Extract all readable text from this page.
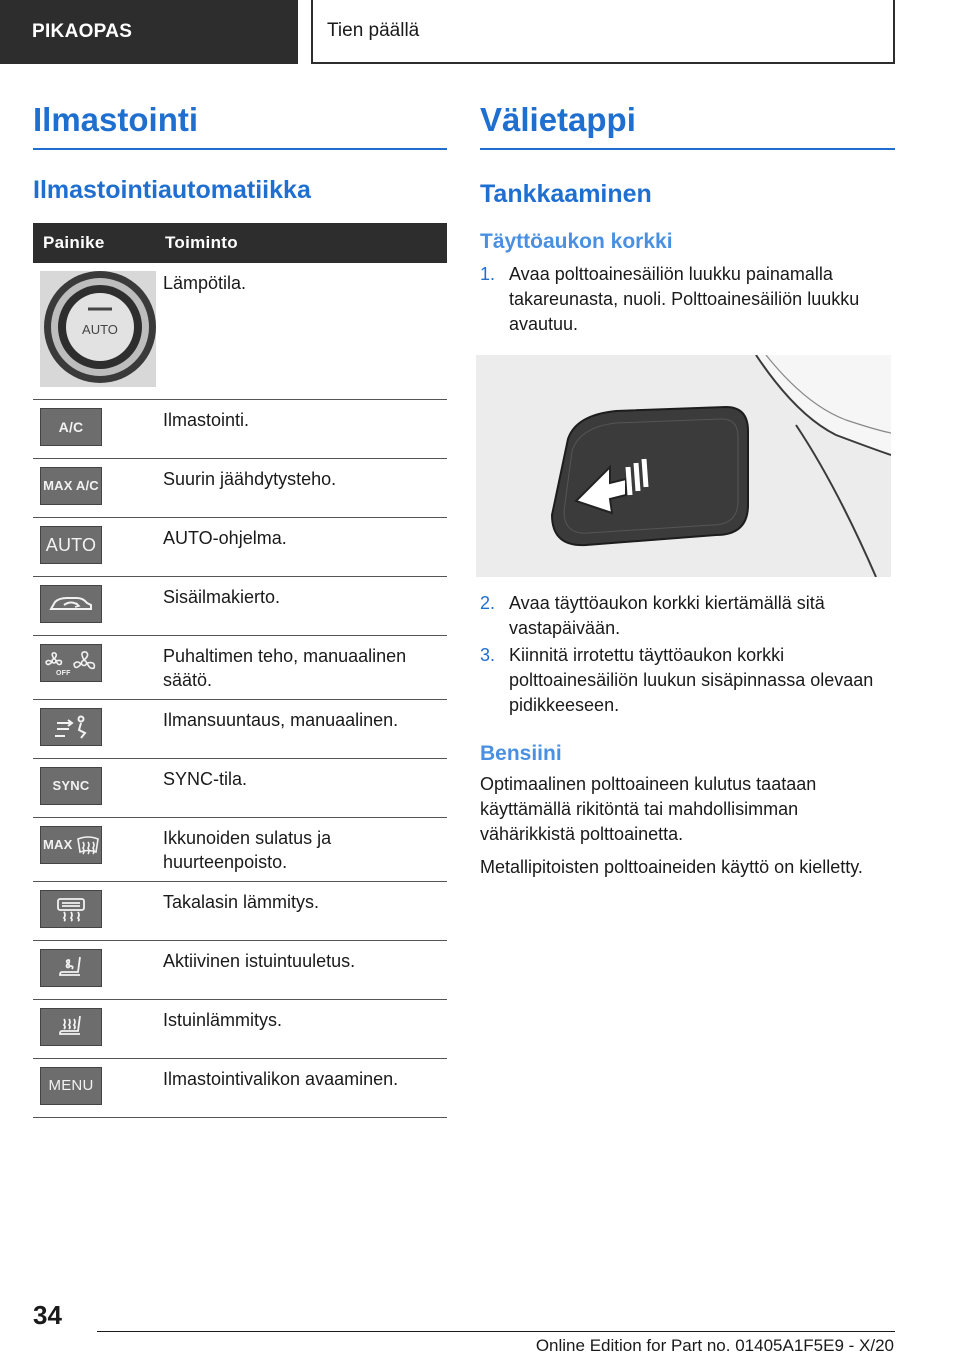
PIKAOPAS	Tien päällä
Ilmastointi
Ilmastointiautomatiikka
Painike	Toiminto

AUTO	Lämpötila.

A/C	Ilmastointi.

MAX A/C	Suurin jäähdytysteho.

AUTO	AUTO-ohjelma.

	Sisäilmakierto.

OFF	Puhaltimen teho, manuaalinen säätö.

	Ilmansuuntaus, manuaalinen.

SYNC	SYNC-tila.

MAX	Ikkunoiden sulatus ja huurteenpoisto.

	Takalasin lämmitys.

	Aktiivinen istuintuuletus.

	Istuinlämmitys.

MENU	Ilmastointivalikon avaaminen.
Välietappi
Tankkaaminen
Täyttöaukon korkki
1. Avaa polttoainesäiliön luukku painamalla takareunasta, nuoli. Polttoainesäiliön luukku avautuu.
2. Avaa täyttöaukon korkki kiertämällä sitä vastapäivään.
3. Kiinnitä irrotettu täyttöaukon korkki polttoainesäiliön luukun sisäpinnassa olevaan pidikkeeseen.
Bensiini

Optimaalinen polttoaineen kulutus taataan käyttämällä rikitöntä tai mahdollisimman vähärikkistä polttoainetta.

Metallipitoisten polttoaineiden käyttö on kielletty.

34
Online Edition for Part no. 01405A1F5E9 - X/20
